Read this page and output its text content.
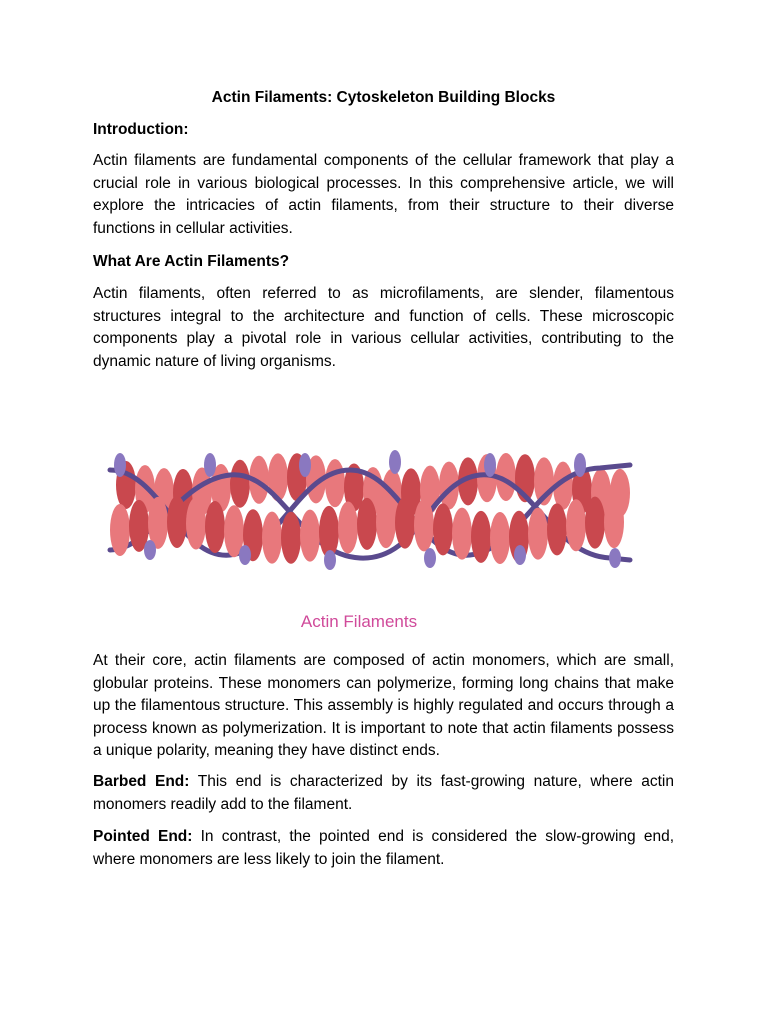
Actin Filaments: Cytoskeleton Building Blocks
Introduction:

Actin filaments are fundamental components of the cellular framework that play a crucial role in various biological processes. In this comprehensive article, we will explore the intricacies of actin filaments, from their structure to their diverse functions in cellular activities.

What Are Actin Filaments?

Actin filaments, often referred to as microfilaments, are slender, filamentous structures integral to the architecture and function of cells. These microscopic components play a pivotal role in various cellular activities, contributing to the dynamic nature of living organisms.

Actin Filaments

At their core, actin filaments are composed of actin monomers, which are small, globular proteins. These monomers can polymerize, forming long chains that make up the filamentous structure. This assembly is highly regulated and occurs through a process known as polymerization. It is important to note that actin filaments possess a unique polarity, meaning they have distinct ends.

Barbed End: This end is characterized by its fast-growing nature, where actin monomers readily add to the filament.

Pointed End: In contrast, the pointed end is considered the slow-growing end, where monomers are less likely to join the filament.
